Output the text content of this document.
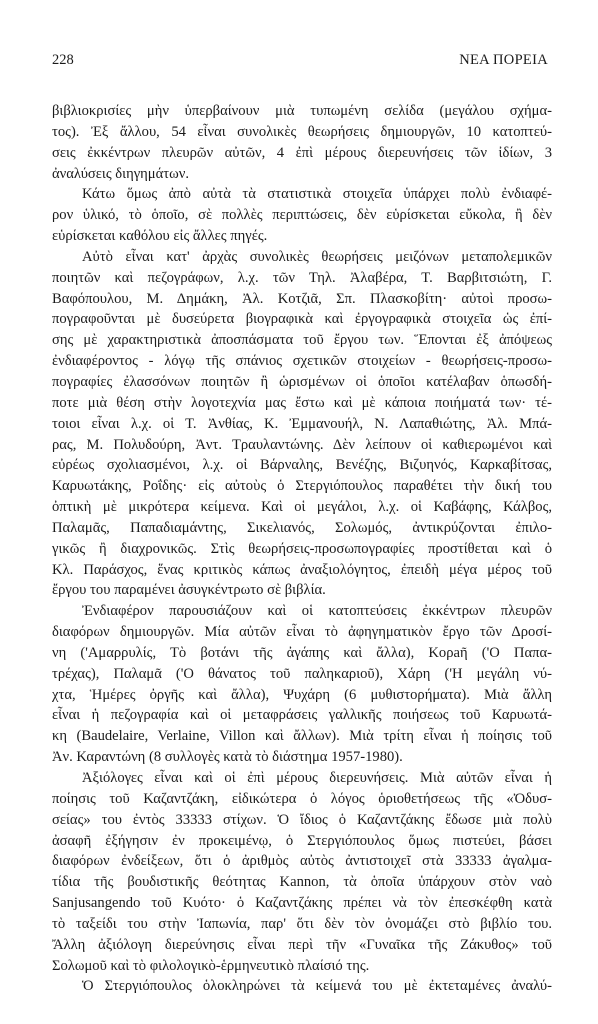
228	ΝΕΑ ΠΟΡΕΙΑ
βιβλιοκρισίες μὴν ὑπερβαίνουν μιὰ τυπωμένη σελίδα (μεγάλου σχήμα-
τος). Ἐξ ἄλλου, 54 εἶναι συνολικὲς θεωρήσεις δημιουργῶν, 10 κατοπτεύ-
σεις ἐκκέντρων πλευρῶν αὐτῶν, 4 ἐπὶ μέρους διερευνήσεις τῶν ἰδίων, 3
ἀναλύσεις διηγημάτων.
Κάτω ὅμως ἀπὸ αὐτὰ τὰ στατιστικὰ στοιχεῖα ὑπάρχει πολὺ ἐνδιαφέ-
ρον ὑλικό, τὸ ὁποῖο, σὲ πολλὲς περιπτώσεις, δὲν εὑρίσκεται εὔκολα, ἢ δὲν
εὑρίσκεται καθόλου εἰς ἄλλες πηγές.
Αὐτὸ εἶναι κατ' ἀρχὰς συνολικὲς θεωρήσεις μειζόνων μεταπολεμικῶν
ποιητῶν καὶ πεζογράφων, λ.χ. τῶν Τηλ. Ἀλαβέρα, Τ. Βαρβιτσιώτη, Γ.
Βαφόπουλου, Μ. Δημάκη, Ἀλ. Κοτζιᾶ, Σπ. Πλασκοβίτη· αὐτοὶ προσω-
πογραφοῦνται μὲ δυσεύρετα βιογραφικὰ καὶ ἐργογραφικὰ στοιχεῖα ὡς ἐπί-
σης μὲ χαρακτηριστικὰ ἀποσπάσματα τοῦ ἔργου των. Ἕπονται ἐξ ἀπόψεως
ἐνδιαφέροντος - λόγῳ τῆς σπάνιος σχετικῶν στοιχείων - θεωρήσεις-προσω-
πογραφίες ἐλασσόνων ποιητῶν ἢ ὡρισμένων οἱ ὁποῖοι κατέλαβαν ὁπωσδή-
ποτε μιὰ θέση στὴν λογοτεχνία μας ἔστω καὶ μὲ κάποια ποιήματά των· τέ-
τοιοι εἶναι λ.χ. οἱ Τ. Ἀνθίας, Κ. Ἐμμανουήλ, Ν. Λαπαθιώτης, Ἀλ. Μπά-
ρας, Μ. Πολυδούρη, Ἀντ. Τραυλαντώνης. Δὲν λείπουν οἱ καθιερωμένοι καὶ
εὐρέως σχολιασμένοι, λ.χ. οἱ Βάρναλης, Βενέζης, Βιζυηνός, Καρκαβίτσας,
Καρυωτάκης, Ροΐδης· εἰς αὐτοὺς ὁ Στεργιόπουλος παραθέτει τὴν δική του
ὀπτικὴ μὲ μικρότερα κείμενα. Καὶ οἱ μεγάλοι, λ.χ. οἱ Καβάφης, Κάλβος,
Παλαμᾶς, Παπαδιαμάντης, Σικελιανός, Σολωμός, ἀντικρύζονται ἐπιλο-
γικῶς ἢ διαχρονικῶς. Στὶς θεωρήσεις-προσωπογραφίες προστίθεται καὶ ὁ
Κλ. Παράσχος, ἕνας κριτικὸς κάπως ἀναξιολόγητος, ἐπειδὴ μέγα μέρος τοῦ
ἔργου του παραμένει ἀσυγκέντρωτο σὲ βιβλία.
Ἐνδιαφέρον παρουσιάζουν καὶ οἱ κατοπτεύσεις ἐκκέντρων πλευρῶν
διαφόρων δημιουργῶν. Μία αὐτῶν εἶναι τὸ ἀφηγηματικὸν ἔργο τῶν Δροσί-
νη ('Αμαρρυλίς, Τὸ βοτάνι τῆς ἀγάπης καὶ ἄλλα), Κορaῆ ('Ο Παπα-
τρέχας), Παλαμᾶ ('Ο θάνατος τοῦ παληκαριοῦ), Χάρη ('Η μεγάλη νύ-
χτα, Ἡμέρες ὀργῆς καὶ ἄλλα), Ψυχάρη (6 μυθιστορήματα). Μιὰ ἄλλη
εἶναι ἡ πεζογραφία καὶ οἱ μεταφράσεις γαλλικῆς ποιήσεως τοῦ Καρυωτά-
κη (Baudelaire, Verlaine, Villon καὶ ἄλλων). Μιὰ τρίτη εἶναι ἡ ποίησις τοῦ
Ἀν. Καραντώνη (8 συλλογὲς κατὰ τὸ διάστημα 1957-1980).
Ἀξιόλογες εἶναι καὶ οἱ ἐπὶ μέρους διερευνήσεις. Μιὰ αὐτῶν εἶναι ἡ
ποίησις τοῦ Καζαντζάκη, εἰδικώτερα ὁ λόγος ὁριοθετήσεως τῆς «Ὀδυσ-
σείας» του ἐντὸς 33333 στίχων. Ὁ ἴδιος ὁ Καζαντζάκης ἔδωσε μιὰ πολὺ
ἀσαφῆ ἐξήγησιν ἐν προκειμένῳ, ὁ Στεργιόπουλος ὅμως πιστεύει, βάσει
διαφόρων ἐνδείξεων, ὅτι ὁ ἀριθμὸς αὐτὸς ἀντιστοιχεῖ στὰ 33333 ἀγαλμα-
τίδια τῆς βουδιστικῆς θεότητας Kannon, τὰ ὁποῖα ὑπάρχουν στὸν ναὸ
Sanjusangendo τοῦ Κυότο· ὁ Καζαντζάκης πρέπει νὰ τὸν ἐπεσκέφθη κατὰ
τὸ ταξείδι του στὴν Ἰαπωνία, παρ' ὅτι δὲν τὸν ὀνομάζει στὸ βιβλίο του.
Ἄλλη ἀξιόλογη διερεύνησις εἶναι περὶ τῆν «Γυναῖκα τῆς Ζάκυθος» τοῦ
Σολωμοῦ καὶ τὸ φιλολογικὸ-ἑρμηνευτικὸ πλαίσιό της.
Ὁ Στεργιόπουλος ὁλοκληρώνει τὰ κείμενά του μὲ ἐκτεταμένες ἀναλύ-
